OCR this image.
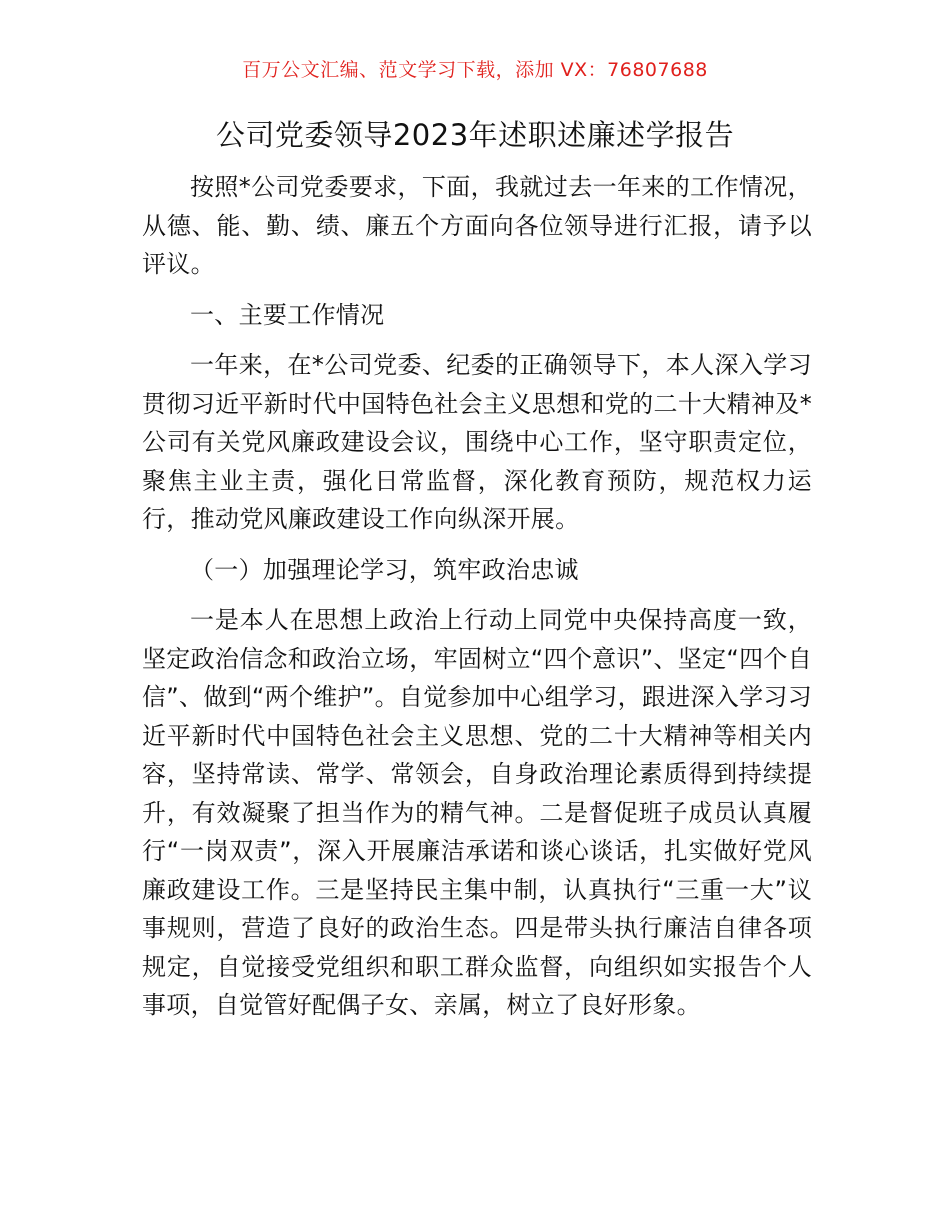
百万公文汇编、范文学习下载，添加 VX：76807688
公司党委领导2023年述职述廉述学报告

按照*公司党委要求，下面，我就过去一年来的工作情况，从德、能、勤、绩、廉五个方面向各位领导进行汇报，请予以评议。

一、主要工作情况

一年来，在*公司党委、纪委的正确领导下，本人深入学习贯彻习近平新时代中国特色社会主义思想和党的二十大精神及*公司有关党风廉政建设会议，围绕中心工作，坚守职责定位，聚焦主业主责，强化日常监督，深化教育预防，规范权力运行，推动党风廉政建设工作向纵深开展。

（一）加强理论学习，筑牢政治忠诚

一是本人在思想上政治上行动上同党中央保持高度一致，坚定政治信念和政治立场，牢固树立“四个意识”、坚定“四个自信”、做到“两个维护”。自觉参加中心组学习，跟进深入学习习近平新时代中国特色社会主义思想、党的二十大精神等相关内容，坚持常读、常学、常领会，自身政治理论素质得到持续提升，有效凝聚了担当作为的精气神。二是督促班子成员认真履行“一岗双责”，深入开展廉洁承诺和谈心谈话，扎实做好党风廉政建设工作。三是坚持民主集中制，认真执行“三重一大”议事规则，营造了良好的政治生态。四是带头执行廉洁自律各项规定，自觉接受党组织和职工群众监督，向组织如实报告个人事项，自觉管好配偶子女、亲属，树立了良好形象。
